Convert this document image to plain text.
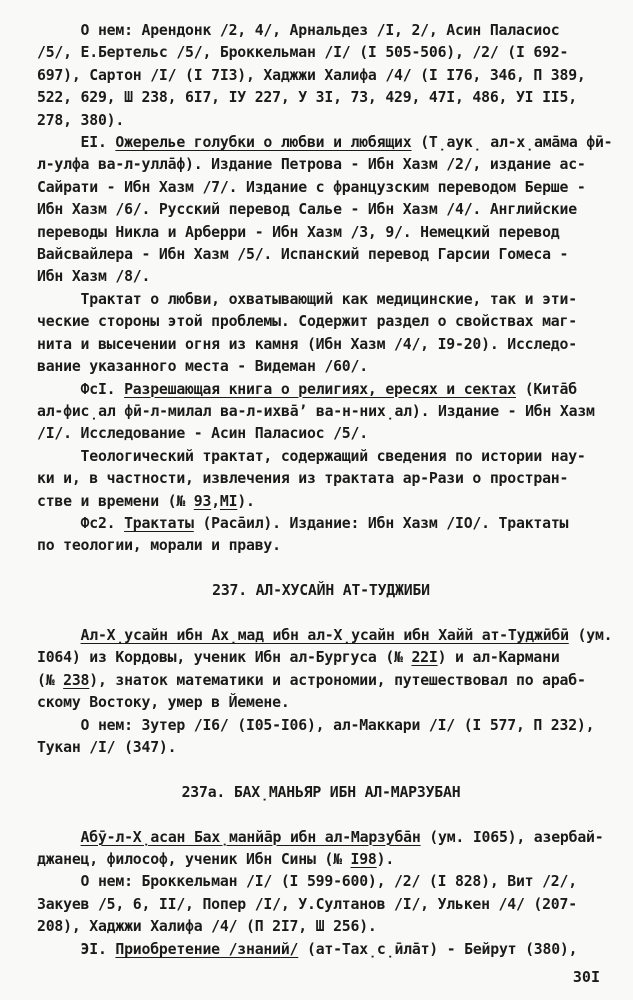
О нем: Арендонк /2, 4/, Арнальдез /І, 2/, Асин Паласиос
/5/, Е.Бертельс /5/, Броккельман /І/ (І 505-506), /2/ (І 692-
697), Сартон /І/ (І 7І3), Хаджжи Халифа /4/ (І І76, 346, П 389,
522, 629, Ш 238, 6І7, ІУ 227, У 3І, 73, 429, 47І, 486, УІ ІІ5,
278, 380).
ЕІ. Ожерелье голубки о любви и любящих (Т̣аук̣ ал-х̣ама̄ма фӣ-
л-улфа ва-л-улла̄ф). Издание Петрова - Ибн Хазм /2/, издание ас-
Сайрати - Ибн Хазм /7/. Издание с французским переводом Берше -
Ибн Хазм /6/. Русский перевод Салье - Ибн Хазм /4/. Английские
переводы Никла и Арберри - Ибн Хазм /3, 9/. Немецкий перевод
Вайсвайлера - Ибн Хазм /5/. Испанский перевод Гарсии Гомеса -
Ибн Хазм /8/.
Трактат о любви, охватывающий как медицинские, так и эти-
ческие стороны этой проблемы. Содержит раздел о свойствах маг-
нита и высечении огня из камня (Ибн Хазм /4/, І9-20). Исследо-
вание указанного места - Видеман /60/.
ФсІ. Разрешающая книга о религиях, ересях и сектах (Кита̄б
ал-фис̣ал фӣ-л-милал ва-л-ихва̄’ ва-н-них̣ал). Издание - Ибн Хазм
/І/. Исследование - Асин Паласиос /5/.
Теологический трактат, содержащий сведения по истории нау-
ки и, в частности, извлечения из трактата ар-Рази о простран-
стве и времени (№ 93,МІ).
Фс2. Трактаты (Раса̄ил). Издание: Ибн Хазм /ІО/. Трактаты
по теологии, морали и праву.
237. АЛ-ХУСАЙН АТ-ТУДЖИБИ
Ал-Х̣усайн ибн Ах̣мад ибн ал-Х̣усайн ибн Хайй ат-Туджӣбӣ (ум.
І064) из Кордовы, ученик Ибн ал-Бургуса (№ 22І) и ал-Кармани
(№ 238), знаток математики и астрономии, путешествовал по араб-
скому Востоку, умер в Йемене.
О нем: Зутер /І6/ (І05-І06), ал-Маккари /І/ (І 577, П 232),
Тукан /І/ (347).
237а. БАХ̣МАНЬЯР ИБН АЛ-МАРЗУБАН
Абӯ-л-Х̣асан Бах̣манйа̄р ибн ал-Марзуба̄н (ум. І065), азербай-
джанец, философ, ученик Ибн Сины (№ І98).
О нем: Броккельман /І/ (І 599-600), /2/ (І 828), Вит /2/,
Закуев /5, 6, ІІ/, Попер /І/, У.Султанов /І/, Улькен /4/ (207-
208), Хаджжи Халифа /4/ (П 2І7, Ш 256).
ЭІ. Приобретение /знаний/ (ат-Тах̣с̣ӣла̄т) - Бейрут (380),
30І
